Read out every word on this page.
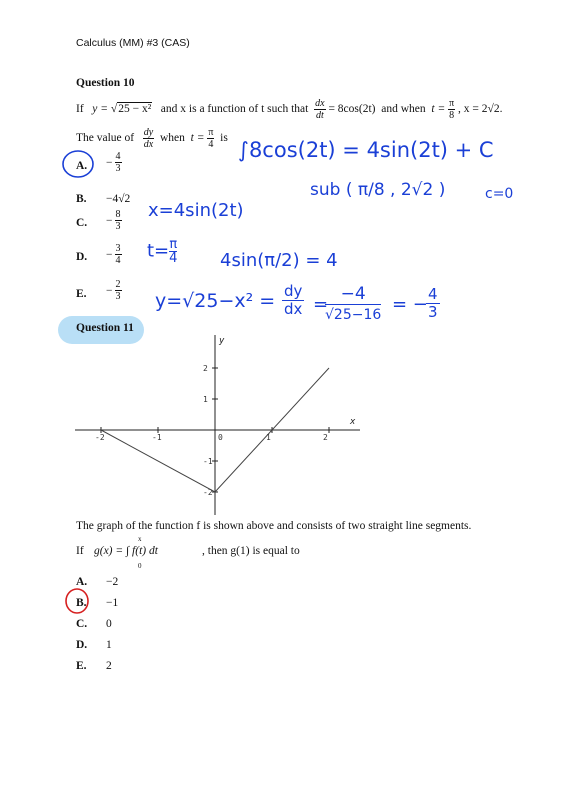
Calculus (MM) #3 (CAS)
Question 10
If y = √25 − x² and x is a function of t such that $\frac{dx}{dt} = 8\cos(2t)$ and when $t = \frac{\pi}{8}$ , x = 2√2.
The value of $\frac{dy}{dx}$ when $t = \frac{\pi}{4}$ is
A. − $\frac{4}{3}$
B. −4√2
C. − $\frac{8}{3}$
D. − $\frac{3}{4}$
E. − $\frac{2}{3}$
∫8cos(2t) = 4sin(2t) + C
sub ( π/8 , 2√2 )	c=0
x=4sin(2t)
$t= \frac{\pi}{4} 4\sin(\pi/2) = 4$
y=√25−x² = dy
dx = −4
√25−16 = −
$\frac{4}{3}$
Question 11
x
y
-2	-1	0	1	2
2
1
-1
-2
The graph of the function f is shown above and consists of two straight line segments.
If g(x) = ∫ f(t) dt
x
0
, then g(1) is equal to
A. −2
B. −1
C. 0
D. 1
E. 2
